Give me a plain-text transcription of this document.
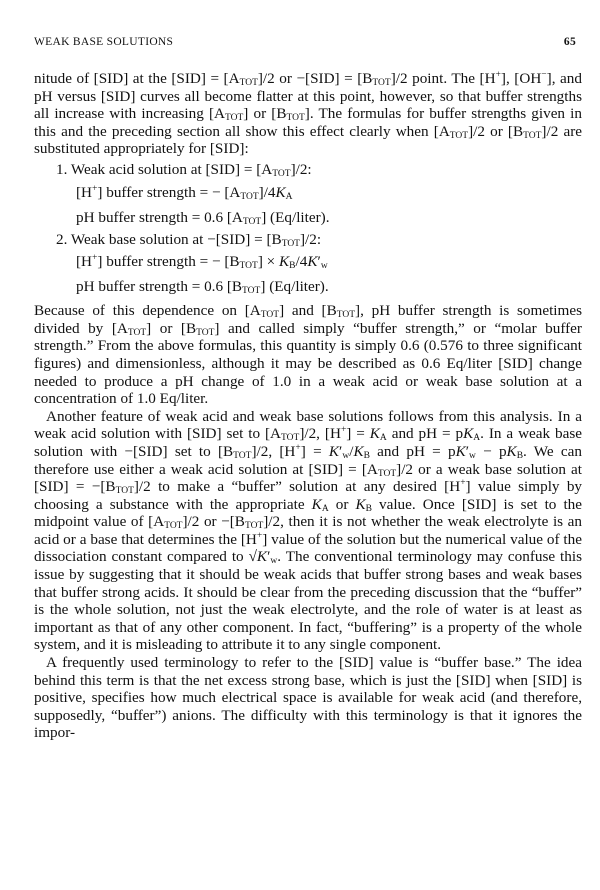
WEAK BASE SOLUTIONS	65

nitude of [SID] at the $[SID] = [A_{TOT}]/2$ or $-[SID] = [B_{TOT}]/2$ point. The [H+], [OH−], and pH versus [SID] curves all become flatter at this point, however, so that buffer strengths all increase with increasing $[A_{TOT}]$ or $[B_{TOT}]$. The formulas for buffer strengths given in this and the preceding section all show this effect clearly when $[A_{TOT}]/2$ or $[B_{TOT}]/2$ are substituted appropriately for [SID]:

1. Weak acid solution at $[SID] = [A_{TOT}]/2$:
[H+] buffer strength = − $[A_{TOT}]/4K_A$
pH buffer strength = 0.6 $[A_{TOT}]$ (Eq/liter).
2. Weak base solution at $-[SID] = [B_{TOT}]/2$:
[H+] buffer strength = − $[B_{TOT}] \times K_B/4K'_w$
pH buffer strength = 0.6 $[B_{TOT}]$ (Eq/liter).

Because of this dependence on $[A_{TOT}]$ and $[B_{TOT}]$, pH buffer strength is sometimes divided by $[A_{TOT}]$ or $[B_{TOT}]$ and called simply “buffer strength,” or “molar buffer strength.” From the above formulas, this quantity is simply 0.6 (0.576 to three significant figures) and dimensionless, although it may be described as 0.6 Eq/liter [SID] change needed to produce a pH change of 1.0 in a weak acid or weak base solution at a concentration of 1.0 Eq/liter.

Another feature of weak acid and weak base solutions follows from this analysis. In a weak acid solution with [SID] set to $[A_{TOT}]/2$, $[H^+] = K_A$ and pH = $pK_A$. In a weak base solution with −[SID] set to $[B_{TOT}]/2$, $[H^+] = K'_w/K_B$ and pH = $pK'_w - pK_B$. We can therefore use either a weak acid solution at $[SID] = [A_{TOT}]/2$ or a weak base solution at $[SID] = -[B_{TOT}]/2$ to make a “buffer” solution at any desired [H+] value simply by choosing a substance with the appropriate $K_A$ or $K_B$ value. Once [SID] is set to the midpoint value of $[A_{TOT}]/2$ or $-[B_{TOT}]/2$, then it is not whether the weak electrolyte is an acid or a base that determines the [H+] value of the solution but the numerical value of the dissociation constant compared to $√K'_w$. The conventional terminology may confuse this issue by suggesting that it should be weak acids that buffer strong bases and weak bases that buffer strong acids. It should be clear from the preceding discussion that the “buffer” is the whole solution, not just the weak electrolyte, and the role of water is at least as important as that of any other component. In fact, “buffering” is a property of the whole system, and it is misleading to attribute it to any single component.

A frequently used terminology to refer to the [SID] value is “buffer base.” The idea behind this term is that the net excess strong base, which is just the [SID] when [SID] is positive, specifies how much electrical space is available for weak acid (and therefore, supposedly, “buffer”) anions. The difficulty with this terminology is that it ignores the impor-
